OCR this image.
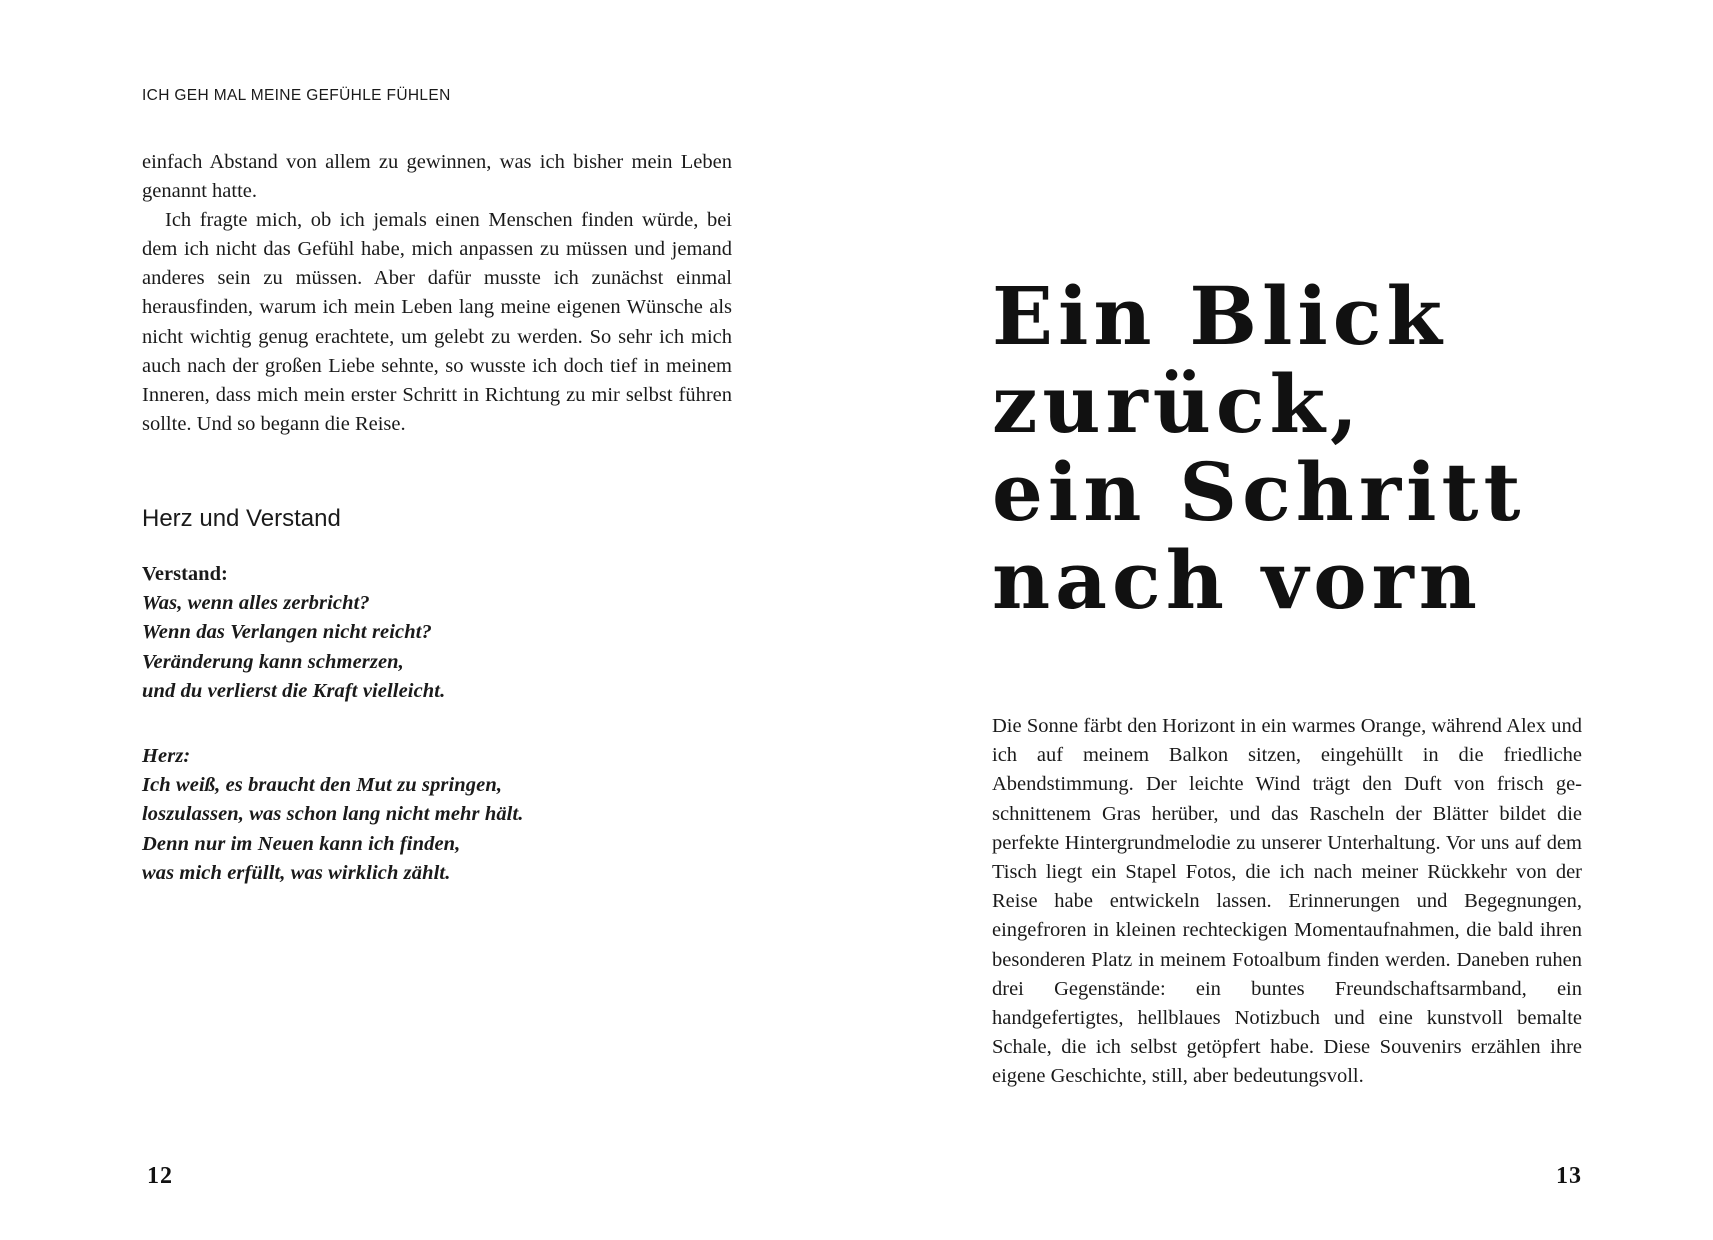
ICH GEH MAL MEINE GEFÜHLE FÜHLEN

einfach Abstand von allem zu gewinnen, was ich bisher mein Leben genannt hatte.

Ich fragte mich, ob ich jemals einen Menschen finden würde, bei dem ich nicht das Gefühl habe, mich anpassen zu müssen und jemand anderes sein zu müssen. Aber dafür musste ich zunächst einmal herausfinden, warum ich mein Leben lang meine eigenen Wünsche als nicht wichtig genug erachtete, um gelebt zu werden. So sehr ich mich auch nach der großen Liebe sehnte, so wusste ich doch tief in meinem Inneren, dass mich mein erster Schritt in Richtung zu mir selbst führen sollte. Und so begann die Reise.

Herz und Verstand
Verstand:
Was, wenn alles zerbricht?
Wenn das Verlangen nicht reicht?
Veränderung kann schmerzen,
und du verlierst die Kraft vielleicht.
Herz:
Ich weiß, es braucht den Mut zu springen,
loszulassen, was schon lang nicht mehr hält.
Denn nur im Neuen kann ich finden,
was mich erfüllt, was wirklich zählt.
12
Ein Blick
zurück,
ein Schritt
nach vorn
Die Sonne färbt den Horizont in ein warmes Orange, während Alex und ich auf meinem Balkon sitzen, eingehüllt in die friedliche Abendstimmung. Der leichte Wind trägt den Duft von frisch geschnittenem Gras herüber, und das Rascheln der Blätter bildet die perfekte Hintergrundmelodie zu unserer Unterhaltung. Vor uns auf dem Tisch liegt ein Stapel Fotos, die ich nach meiner Rückkehr von der Reise habe entwickeln lassen. Erinnerungen und Begegnungen, eingefroren in kleinen rechteckigen Momentaufnahmen, die bald ihren besonderen Platz in meinem Fotoalbum finden werden. Daneben ruhen drei Gegenstände: ein buntes Freundschaftsarmband, ein handgefertigtes, hellblaues Notizbuch und eine kunstvoll bemalte Schale, die ich selbst getöpfert habe. Diese Souvenirs erzählen ihre eigene Geschichte, still, aber bedeutungsvoll.
13
